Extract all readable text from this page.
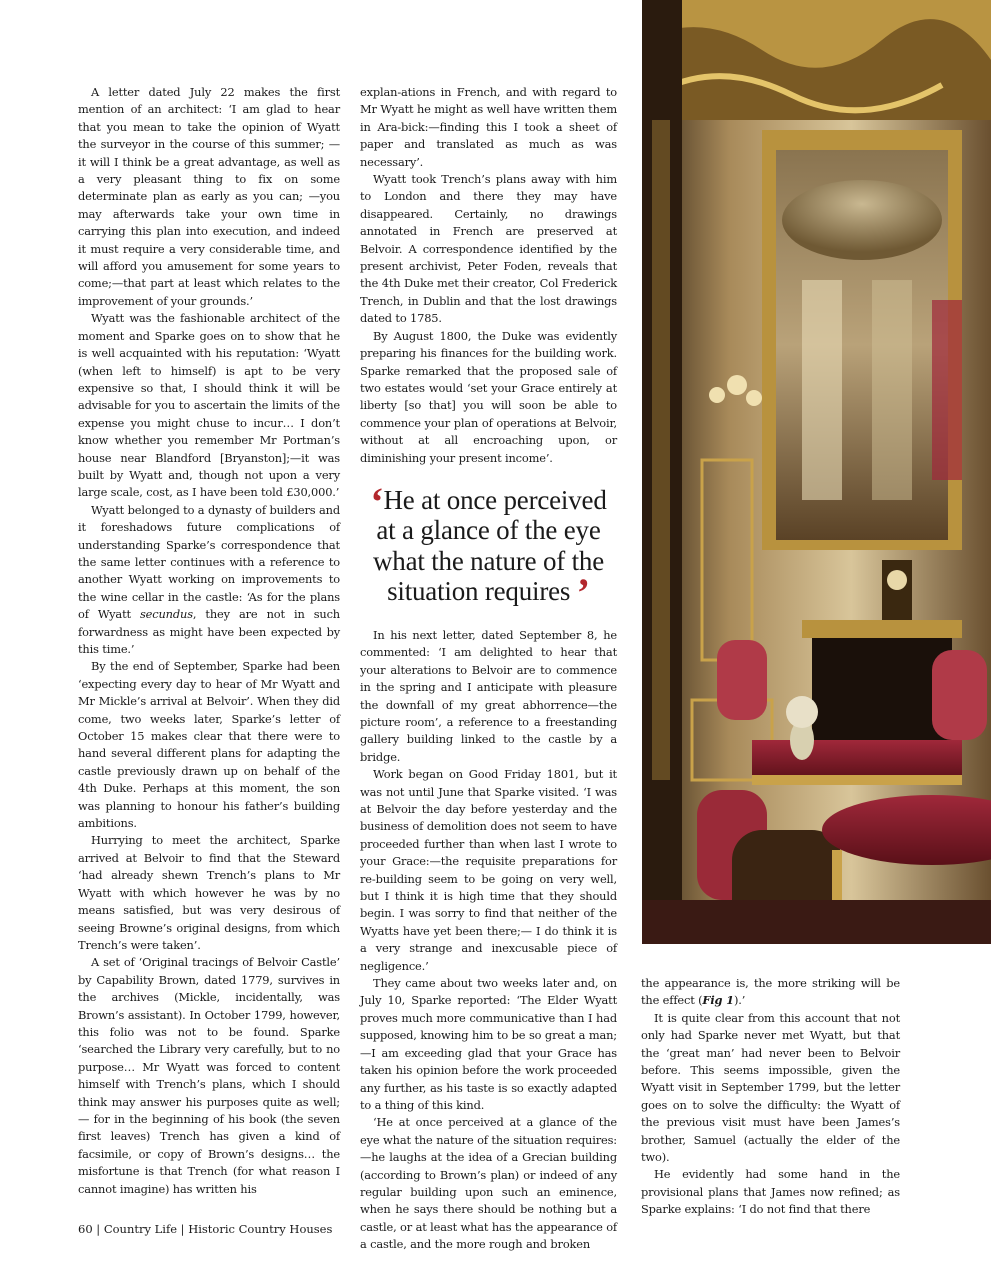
A letter dated July 22 makes the first mention of an architect: ‘I am glad to hear that you mean to take the opinion of Wyatt the surveyor in the course of this summer; —it will I think be a great advantage, as well as a very pleasant thing to fix on some determinate plan as early as you can; —you may afterwards take your own time in carrying this plan into execution, and indeed it must require a very considerable time, and will afford you amusement for some years to come;—that part at least which relates to the improvement of your grounds.’

Wyatt was the fashionable architect of the moment and Sparke goes on to show that he is well acquainted with his reputation: ‘Wyatt (when left to himself) is apt to be very expensive so that, I should think it will be advisable for you to ascertain the limits of the expense you might chuse to incur… I don’t know whether you remember Mr Portman’s house near Blandford [Bryanston];—it was built by Wyatt and, though not upon a very large scale, cost, as I have been told £30,000.’

Wyatt belonged to a dynasty of builders and it foreshadows future complications of understanding Sparke’s correspondence that the same letter continues with a reference to another Wyatt working on improvements to the wine cellar in the castle: ‘As for the plans of Wyatt secundus, they are not in such forwardness as might have been expected by this time.’

By the end of September, Sparke had been ‘expecting every day to hear of Mr Wyatt and Mr Mickle’s arrival at Belvoir’. When they did come, two weeks later, Sparke’s letter of October 15 makes clear that there were to hand several different plans for adapting the castle previously drawn up on behalf of the 4th Duke. Perhaps at this moment, the son was planning to honour his father’s building ambitions.

Hurrying to meet the architect, Sparke arrived at Belvoir to find that the Steward ‘had already shewn Trench’s plans to Mr Wyatt with which however he was by no means satisfied, but was very desirous of seeing Browne’s original designs, from which Trench’s were taken’.

A set of ‘Original tracings of Belvoir Castle’ by Capability Brown, dated 1779, survives in the archives (Mickle, incidentally, was Brown’s assistant). In October 1799, however, this folio was not to be found. Sparke ‘searched the Library very carefully, but to no purpose… Mr Wyatt was forced to content himself with Trench’s plans, which I should think may answer his purposes quite as well;— for in the beginning of his book (the seven first leaves) Trench has given a kind of facsimile, or copy of Brown’s designs… the misfortune is that Trench (for what reason I cannot imagine) has written his

explan-ations in French, and with regard to Mr Wyatt he might as well have written them in Ara-bick:—finding this I took a sheet of paper and translated as much as was necessary’.

Wyatt took Trench’s plans away with him to London and there they may have disappeared. Certainly, no drawings annotated in French are preserved at Belvoir. A correspondence identified by the present archivist, Peter Foden, reveals that the 4th Duke met their creator, Col Frederick Trench, in Dublin and that the lost drawings dated to 1785.

By August 1800, the Duke was evidently preparing his finances for the building work. Sparke remarked that the proposed sale of two estates would ‘set your Grace entirely at liberty [so that] you will soon be able to commence your plan of operations at Belvoir, without at all encroaching upon, or diminishing your present income’.

‘He at once perceived at a glance of the eye what the nature of the situation requires ’

In his next letter, dated September 8, he commented: ‘I am delighted to hear that your alterations to Belvoir are to commence in the spring and I anticipate with pleasure the downfall of my great abhorrence—the picture room’, a reference to a freestanding gallery building linked to the castle by a bridge.

Work began on Good Friday 1801, but it was not until June that Sparke visited. ‘I was at Belvoir the day before yesterday and the business of demolition does not seem to have proceeded further than when last I wrote to your Grace:—the requisite preparations for re-building seem to be going on very well, but I think it is high time that they should begin. I was sorry to find that neither of the Wyatts have yet been there;— I do think it is a very strange and inexcusable piece of negligence.’

They came about two weeks later and, on July 10, Sparke reported: ‘The Elder Wyatt proves much more communicative than I had supposed, knowing him to be so great a man;—I am exceeding glad that your Grace has taken his opinion before the work proceeded any further, as his taste is so exactly adapted to a thing of this kind.

‘He at once perceived at a glance of the eye what the nature of the situation requires:—he laughs at the idea of a Grecian building (according to Brown’s plan) or indeed of any regular building upon such an eminence, when he says there should be nothing but a castle, or at least what has the appearance of a castle, and the more rough and broken

the appearance is, the more striking will be the effect (Fig 1).’

It is quite clear from this account that not only had Sparke never met Wyatt, but that the ‘great man’ had never been to Belvoir before. This seems impossible, given the Wyatt visit in September 1799, but the letter goes on to solve the difficulty: the Wyatt of the previous visit must have been James’s brother, Samuel (actually the elder of the two).

He evidently had some hand in the provisional plans that James now refined; as Sparke explains: ‘I do not find that there

60 | Country Life | Historic Country Houses
